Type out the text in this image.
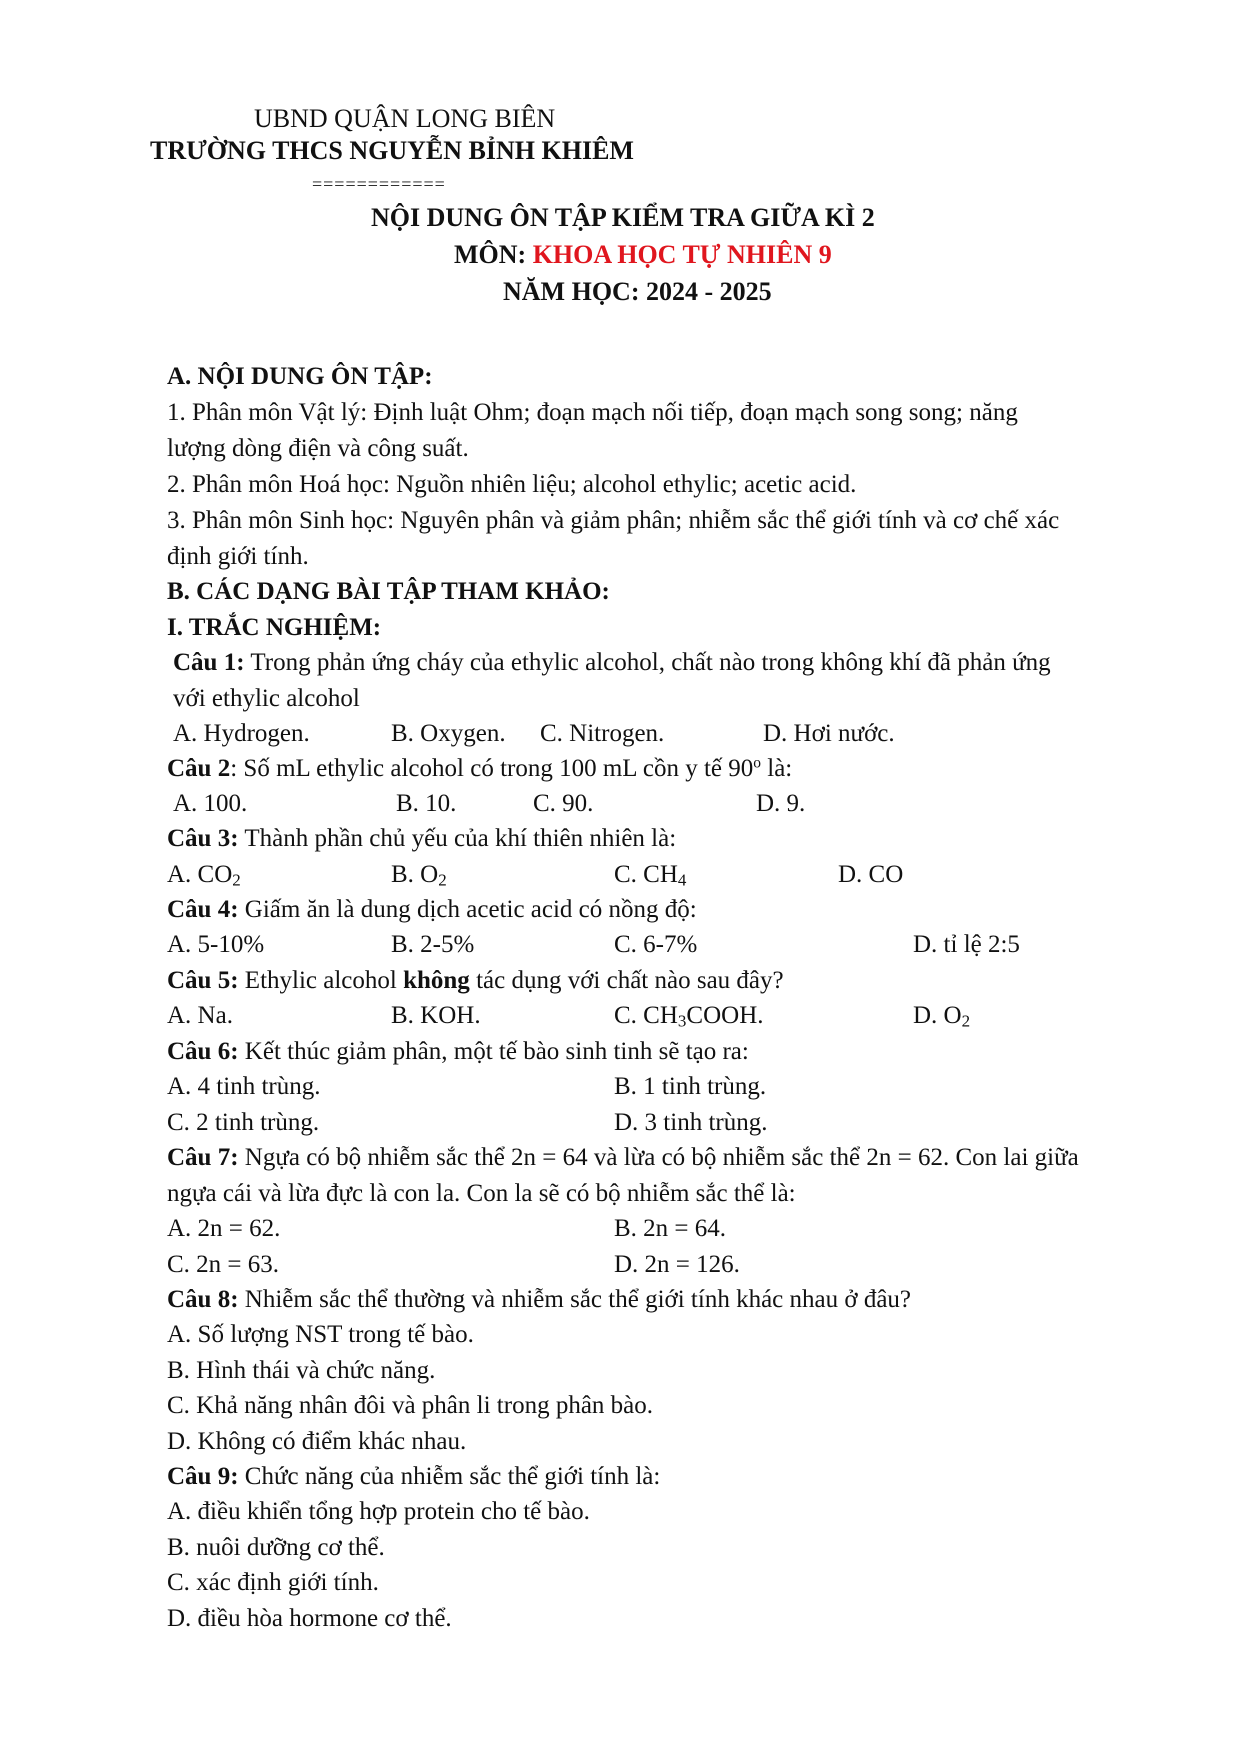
UBND QUẬN LONG BIÊN
TRƯỜNG THCS NGUYỄN BỈNH KHIÊM
============
NỘI DUNG ÔN TẬP KIỂM TRA GIỮA KÌ 2
MÔN: KHOA HỌC TỰ NHIÊN 9
NĂM HỌC: 2024 - 2025
A. NỘI DUNG ÔN TẬP:
1. Phân môn Vật lý: Định luật Ohm; đoạn mạch nối tiếp, đoạn mạch song song; năng
lượng dòng điện và công suất.
2. Phân môn Hoá học: Nguồn nhiên liệu; alcohol ethylic; acetic acid.
3. Phân môn Sinh học: Nguyên phân và giảm phân; nhiễm sắc thể giới tính và cơ chế xác
định giới tính.
B. CÁC DẠNG BÀI TẬP THAM KHẢO:
I. TRẮC NGHIỆM:
Câu 1: Trong phản ứng cháy của ethylic alcohol, chất nào trong không khí đã phản ứng
với ethylic alcohol
A. Hydrogen.	B. Oxygen. C. Nitrogen.	D. Hơi nước.
Câu 2: Số mL ethylic alcohol có trong 100 mL cồn y tế 90$^o$ là:
A. 100.	B. 10.	C. 90.	D. 9.
Câu 3: Thành phần chủ yếu của khí thiên nhiên là:
A. $CO_2$	B. $O_2$	C. $CH_4$	D. CO
Câu 4: Giấm ăn là dung dịch acetic acid có nồng độ:
A. 5-10%	B. 2-5%	C. 6-7%	D. tỉ lệ 2:5
Câu 5: Ethylic alcohol không tác dụng với chất nào sau đây?
A. Na.	B. KOH.	C. $CH_3COOH$.	D. $O_2$
Câu 6: Kết thúc giảm phân, một tế bào sinh tinh sẽ tạo ra:
A. 4 tinh trùng.	B. 1 tinh trùng.
C. 2 tinh trùng.	D. 3 tinh trùng.
Câu 7: Ngựa có bộ nhiễm sắc thể 2n = 64 và lừa có bộ nhiễm sắc thể 2n = 62. Con lai giữa
ngựa cái và lừa đực là con la. Con la sẽ có bộ nhiễm sắc thể là:
A. 2n = 62.	B. 2n = 64.
C. 2n = 63.	D. 2n = 126.
Câu 8: Nhiễm sắc thể thường và nhiễm sắc thể giới tính khác nhau ở đâu?
A. Số lượng NST trong tế bào.
B. Hình thái và chức năng.
C. Khả năng nhân đôi và phân li trong phân bào.
D. Không có điểm khác nhau.
Câu 9: Chức năng của nhiễm sắc thể giới tính là:
A. điều khiển tổng hợp protein cho tế bào.
B. nuôi dưỡng cơ thể.
C. xác định giới tính.
D. điều hòa hormone cơ thể.
